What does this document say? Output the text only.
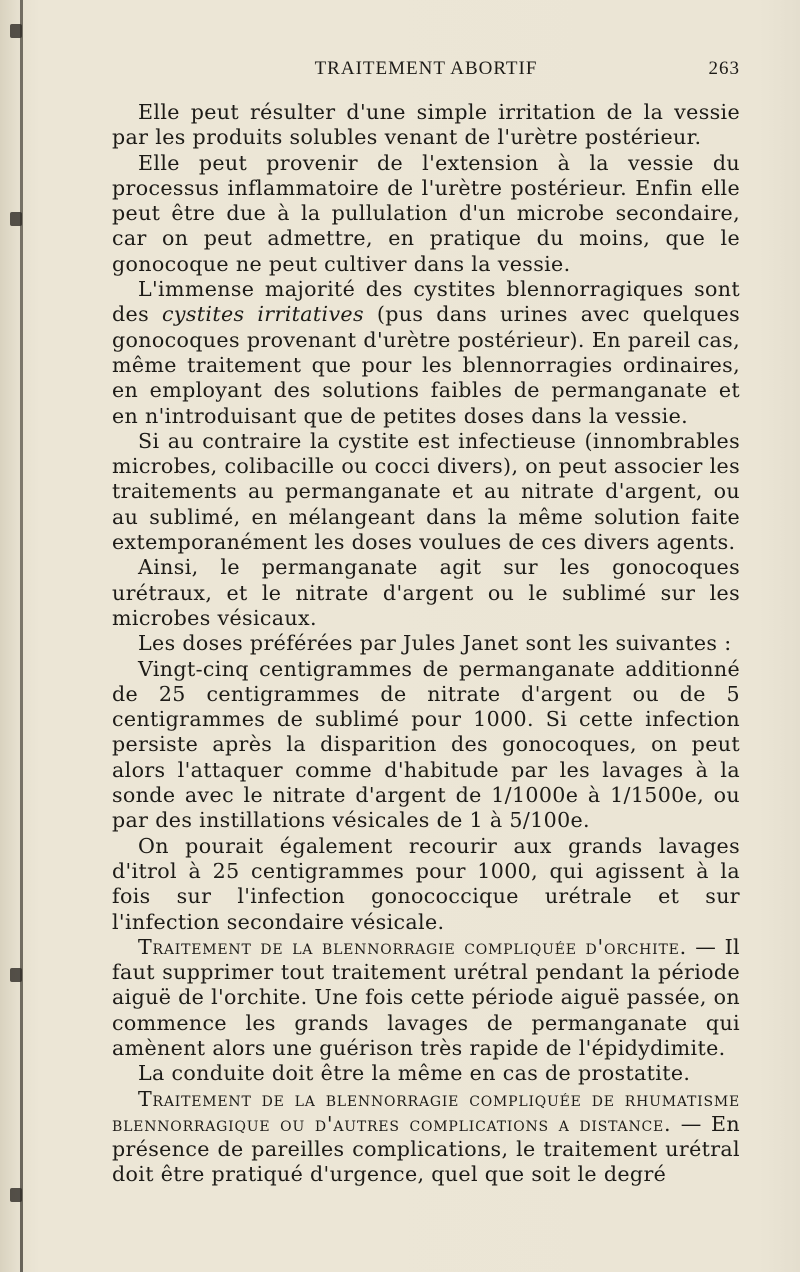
TRAITEMENT ABORTIF	263

Elle peut résulter d'une simple irritation de la vessie par les produits solubles venant de l'urètre postérieur.

Elle peut provenir de l'extension à la vessie du processus inflammatoire de l'urètre postérieur. Enfin elle peut être due à la pullulation d'un microbe secondaire, car on peut admettre, en pratique du moins, que le gonocoque ne peut cultiver dans la vessie.

L'immense majorité des cystites blennorragiques sont des cystites irritatives (pus dans urines avec quelques gonocoques provenant d'urètre postérieur). En pareil cas, même traitement que pour les blennorragies ordinaires, en employant des solutions faibles de permanganate et en n'introduisant que de petites doses dans la vessie.

Si au contraire la cystite est infectieuse (innombrables microbes, colibacille ou cocci divers), on peut associer les traitements au permanganate et au nitrate d'argent, ou au sublimé, en mélangeant dans la même solution faite extemporanément les doses voulues de ces divers agents.

Ainsi, le permanganate agit sur les gonocoques urétraux, et le nitrate d'argent ou le sublimé sur les microbes vésicaux.

Les doses préférées par Jules Janet sont les suivantes :

Vingt-cinq centigrammes de permanganate additionné de 25 centigrammes de nitrate d'argent ou de 5 centigrammes de sublimé pour 1000. Si cette infection persiste après la disparition des gonocoques, on peut alors l'attaquer comme d'habitude par les lavages à la sonde avec le nitrate d'argent de 1/1000e à 1/1500e, ou par des instillations vésicales de 1 à 5/100e.

On pourait également recourir aux grands lavages d'itrol à 25 centigrammes pour 1000, qui agissent à la fois sur l'infection gonococcique urétrale et sur l'infection secondaire vésicale.

Traitement de la blennorragie compliquée d'orchite. — Il faut supprimer tout traitement urétral pendant la période aiguë de l'orchite. Une fois cette période aiguë passée, on commence les grands lavages de permanganate qui amènent alors une guérison très rapide de l'épidydimite.

La conduite doit être la même en cas de prostatite.

Traitement de la blennorragie compliquée de rhumatisme blennorragique ou d'autres complications a distance. — En présence de pareilles complications, le traitement urétral doit être pratiqué d'urgence, quel que soit le degré
